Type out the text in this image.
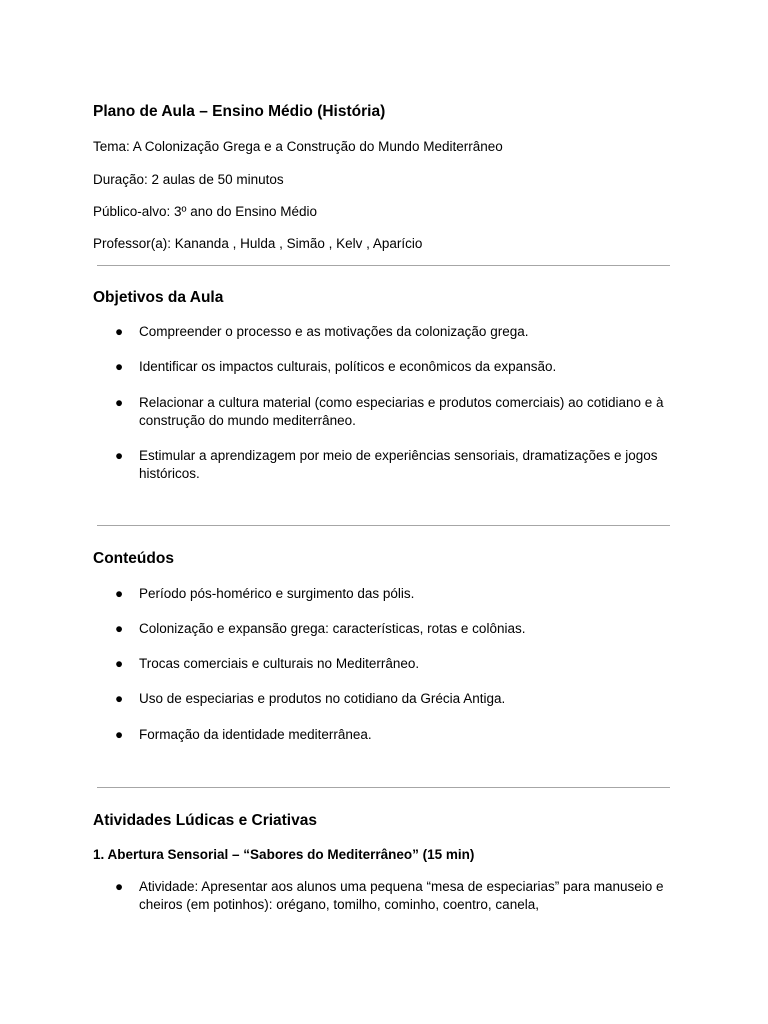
Plano de Aula – Ensino Médio (História)
Tema: A Colonização Grega e a Construção do Mundo Mediterrâneo
Duração: 2 aulas de 50 minutos
Público-alvo: 3º ano do Ensino Médio
Professor(a): Kananda , Hulda , Simão , Kelv , Aparício
Objetivos da Aula
● Compreender o processo e as motivações da colonização grega.
● Identificar os impactos culturais, políticos e econômicos da expansão.
● Relacionar a cultura material (como especiarias e produtos comerciais) ao cotidiano e à construção do mundo mediterrâneo.
● Estimular a aprendizagem por meio de experiências sensoriais, dramatizações e jogos históricos.
Conteúdos
● Período pós-homérico e surgimento das pólis.
● Colonização e expansão grega: características, rotas e colônias.
● Trocas comerciais e culturais no Mediterrâneo.
● Uso de especiarias e produtos no cotidiano da Grécia Antiga.
● Formação da identidade mediterrânea.
Atividades Lúdicas e Criativas
1. Abertura Sensorial – “Sabores do Mediterrâneo” (15 min)
● Atividade: Apresentar aos alunos uma pequena “mesa de especiarias” para manuseio e cheiros (em potinhos): orégano, tomilho, cominho, coentro, canela,
